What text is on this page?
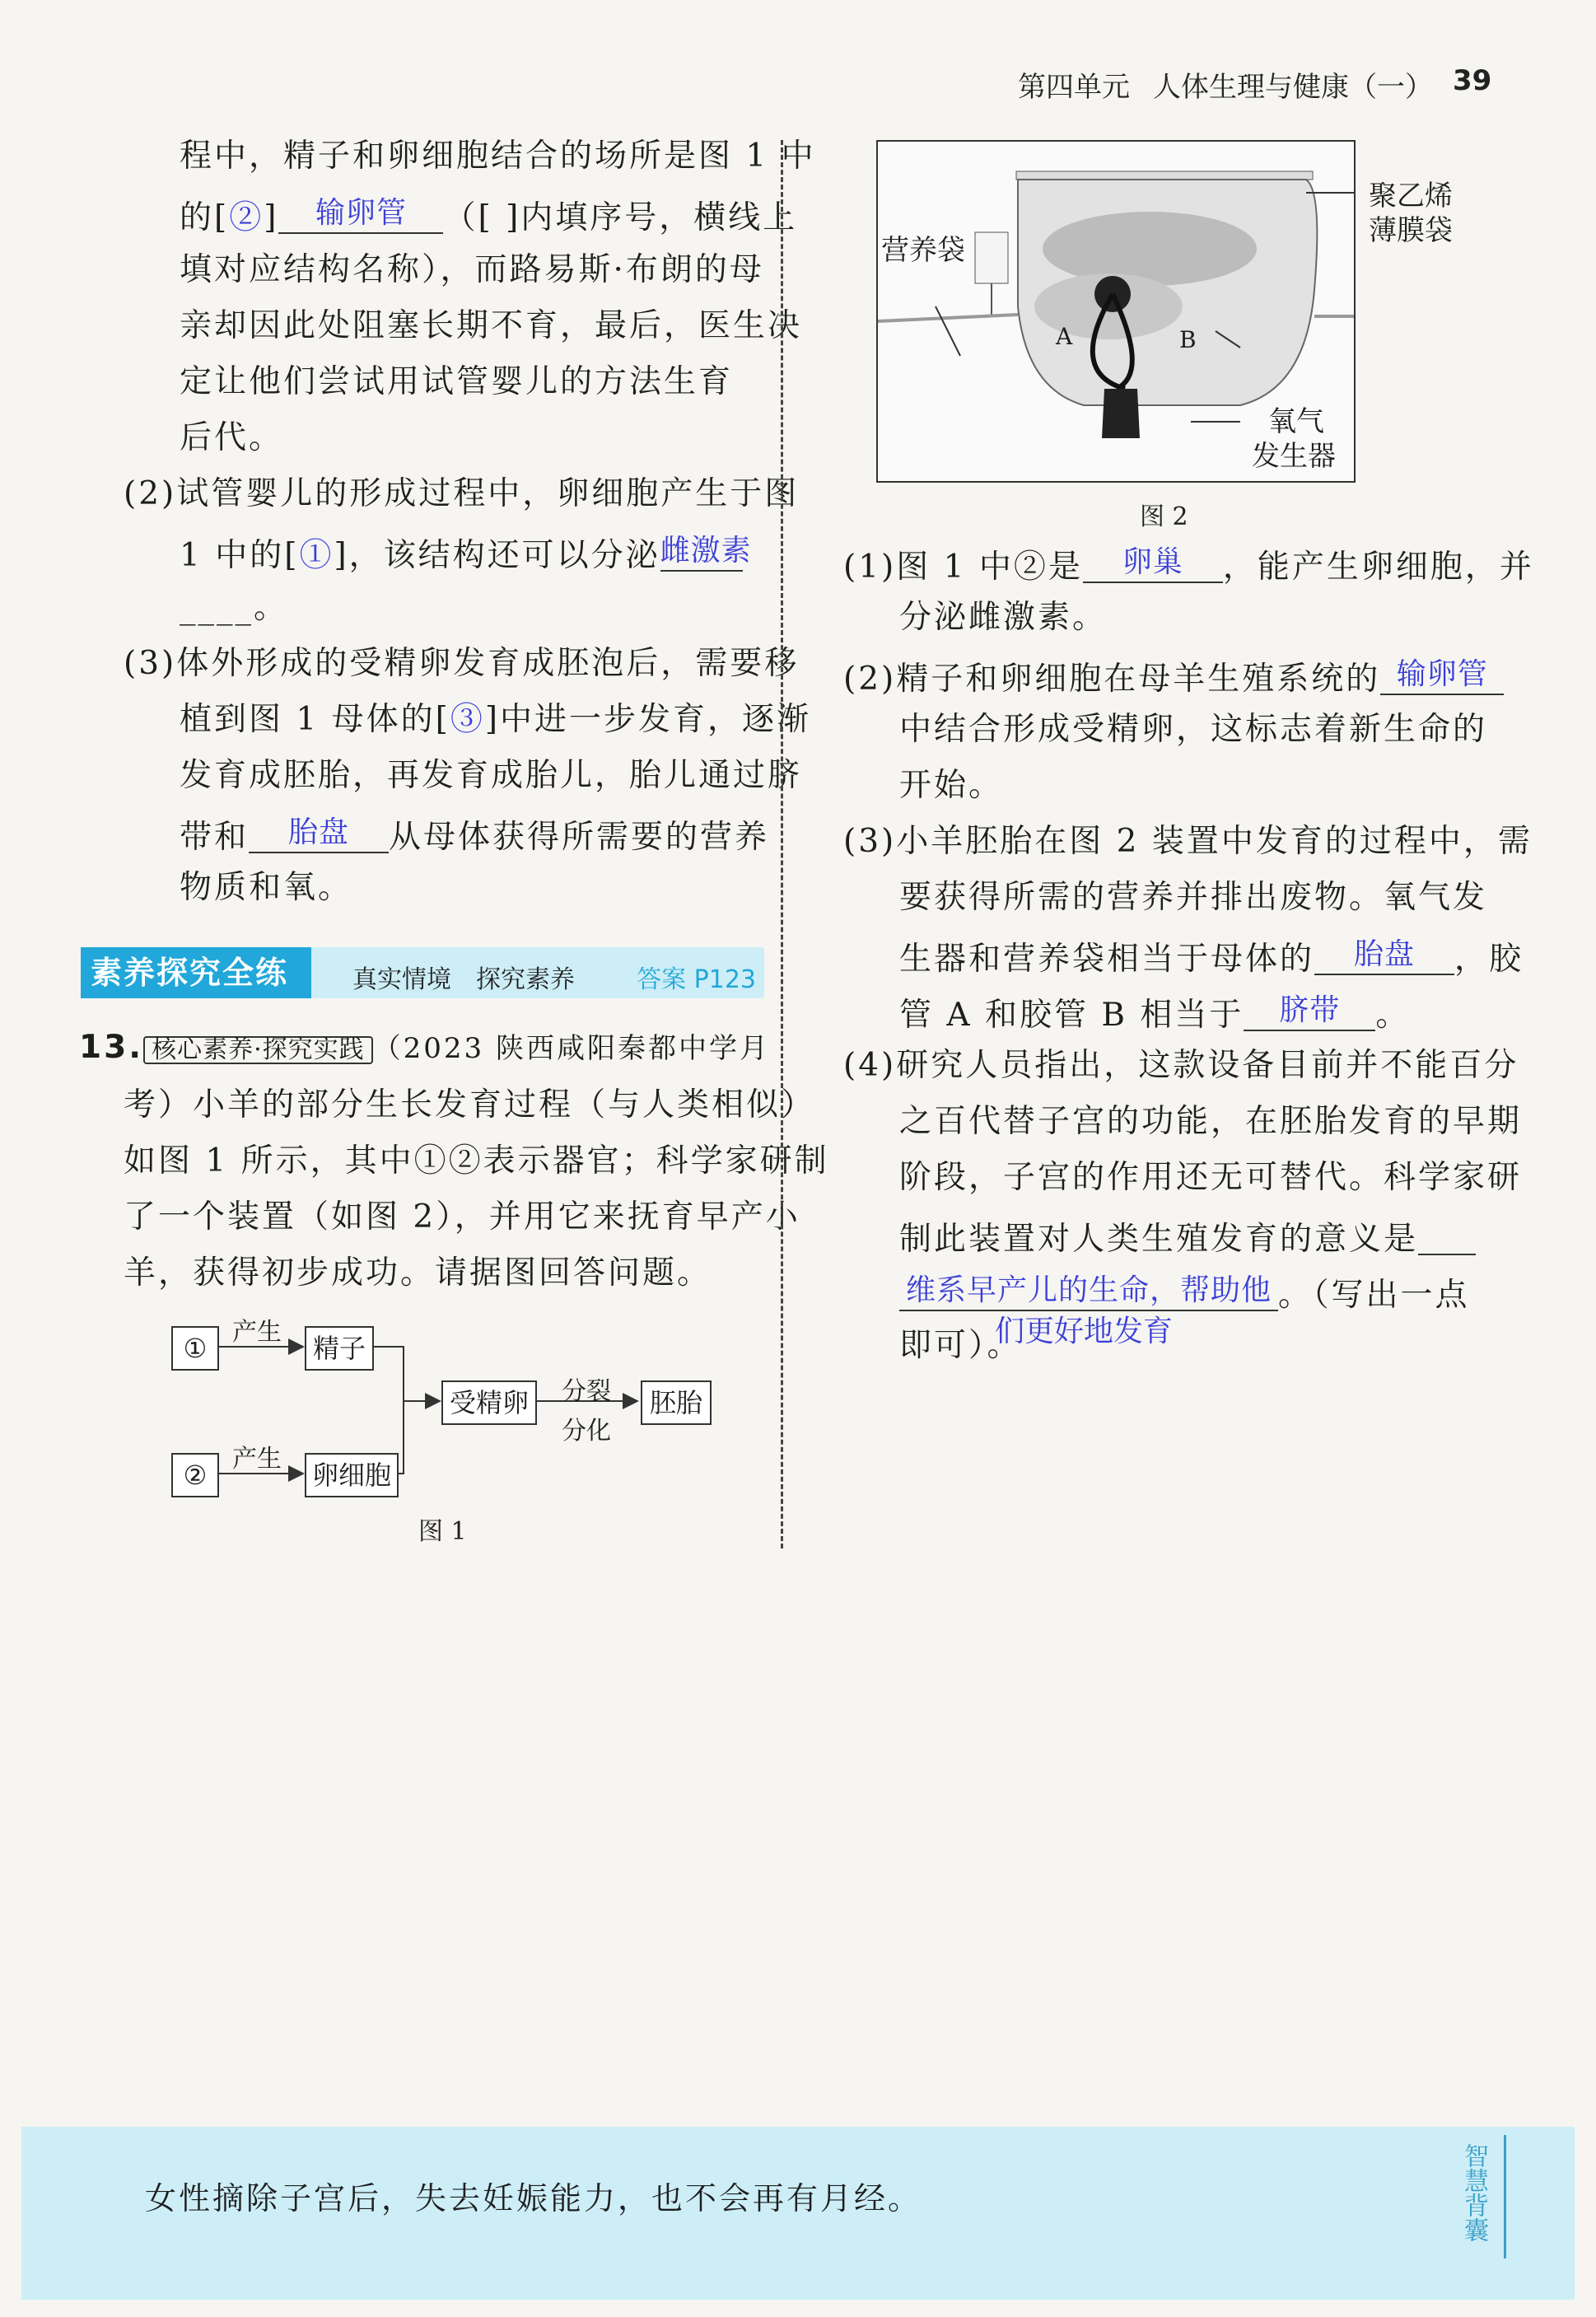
第四单元 人体生理与健康（一） 39
程中，精子和卵细胞结合的场所是图 1 中
的[②] 输卵管 （[ ]内填序号，横线上
填对应结构名称），而路易斯·布朗的母
亲却因此处阻塞长期不育，最后，医生决
定让他们尝试用试管婴儿的方法生育
后代。
(2)试管婴儿的形成过程中，卵细胞产生于图
1 中的[①]，该结构还可以分泌雌激素
____。
(3)体外形成的受精卵发育成胚泡后，需要移
植到图 1 母体的[③]中进一步发育，逐渐
发育成胚胎，再发育成胎儿，胎儿通过脐
带和 胎盘 从母体获得所需要的营养
物质和氧。
素养探究全练	真实情境　探究素养	答案 P123
13. 核心素养·探究实践 （2023 陕西咸阳秦都中学月
考）小羊的部分生长发育过程（与人类相似）
如图 1 所示，其中①②表示器官；科学家研制
了一个装置（如图 2），并用它来抚育早产小
羊，获得初步成功。请据图回答问题。
①
②
精子
卵细胞
受精卵	胚胎
产生
产生
分裂
分化
图 1
聚乙烯
薄膜袋
营养袋
氧气
发生器
A	B
图 2
(1)图 1 中②是 卵巢 ，能产生卵细胞，并
分泌雌激素。
(2)精子和卵细胞在母羊生殖系统的 输卵管
中结合形成受精卵，这标志着新生命的
开始。
(3)小羊胚胎在图 2 装置中发育的过程中，需
要获得所需的营养并排出废物。氧气发
生器和营养袋相当于母体的 胎盘 ，胶
管 A 和胶管 B 相当于 脐带 。
(4)研究人员指出，这款设备目前并不能百分
之百代替子宫的功能，在胚胎发育的早期
阶段，子宫的作用还无可替代。科学家研
制此装置对人类生殖发育的意义是
维系早产儿的生命，帮助他 。（写出一点
即可）。
们更好地发育
女性摘除子宫后，失去妊娠能力，也不会再有月经。	智慧背囊
